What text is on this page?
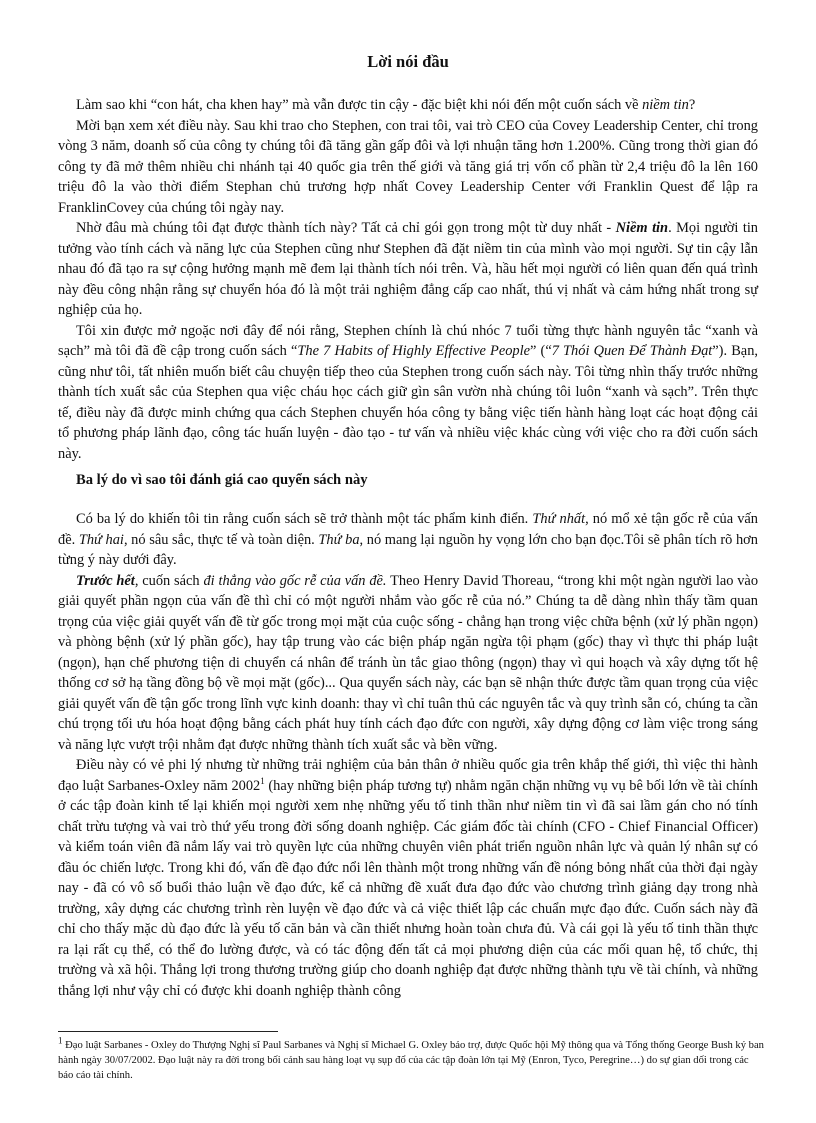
Lời nói đầu

Làm sao khi “con hát, cha khen hay” mà vẫn được tin cậy - đặc biệt khi nói đến một cuốn sách về niềm tin?

Mời bạn xem xét điều này. Sau khi trao cho Stephen, con trai tôi, vai trò CEO của Covey Leadership Center, chỉ trong vòng 3 năm, doanh số của công ty chúng tôi đã tăng gần gấp đôi và lợi nhuận tăng hơn 1.200%. Cũng trong thời gian đó công ty đã mở thêm nhiều chi nhánh tại 40 quốc gia trên thế giới và tăng giá trị vốn cổ phần từ 2,4 triệu đô la lên 160 triệu đô la vào thời điểm Stephan chủ trương hợp nhất Covey Leadership Center với Franklin Quest để lập ra FranklinCovey của chúng tôi ngày nay.

Nhờ đâu mà chúng tôi đạt được thành tích này? Tất cả chỉ gói gọn trong một từ duy nhất - Niềm tin. Mọi người tin tưởng vào tính cách và năng lực của Stephen cũng như Stephen đã đặt niềm tin của mình vào mọi người. Sự tin cậy lẫn nhau đó đã tạo ra sự cộng hưởng mạnh mẽ đem lại thành tích nói trên. Và, hầu hết mọi người có liên quan đến quá trình này đều công nhận rằng sự chuyển hóa đó là một trải nghiệm đẳng cấp cao nhất, thú vị nhất và cảm hứng nhất trong sự nghiệp của họ.

Tôi xin được mở ngoặc nơi đây để nói rằng, Stephen chính là chú nhóc 7 tuổi từng thực hành nguyên tắc “xanh và sạch” mà tôi đã đề cập trong cuốn sách “The 7 Habits of Highly Effective People” (“7 Thói Quen Để Thành Đạt”). Bạn, cũng như tôi, tất nhiên muốn biết câu chuyện tiếp theo của Stephen trong cuốn sách này. Tôi từng nhìn thấy trước những thành tích xuất sắc của Stephen qua việc cháu học cách giữ gìn sân vườn nhà chúng tôi luôn “xanh và sạch”. Trên thực tế, điều này đã được minh chứng qua cách Stephen chuyển hóa công ty bằng việc tiến hành hàng loạt các hoạt động cải tổ phương pháp lãnh đạo, công tác huấn luyện - đào tạo - tư vấn và nhiều việc khác cùng với việc cho ra đời cuốn sách này.

Ba lý do vì sao tôi đánh giá cao quyển sách này

Có ba lý do khiến tôi tin rằng cuốn sách sẽ trở thành một tác phẩm kinh điển. Thứ nhất, nó mổ xẻ tận gốc rễ của vấn đề. Thứ hai, nó sâu sắc, thực tế và toàn diện. Thứ ba, nó mang lại nguồn hy vọng lớn cho bạn đọc.Tôi sẽ phân tích rõ hơn từng ý này dưới đây.

Trước hết, cuốn sách đi thẳng vào gốc rễ của vấn đề. Theo Henry David Thoreau, “trong khi một ngàn người lao vào giải quyết phần ngọn của vấn đề thì chỉ có một người nhắm vào gốc rễ của nó.” Chúng ta dễ dàng nhìn thấy tầm quan trọng của việc giải quyết vấn đề từ gốc trong mọi mặt của cuộc sống - chẳng hạn trong việc chữa bệnh (xử lý phần ngọn) và phòng bệnh (xử lý phần gốc), hay tập trung vào các biện pháp ngăn ngừa tội phạm (gốc) thay vì thực thi pháp luật (ngọn), hạn chế phương tiện di chuyển cá nhân để tránh ùn tắc giao thông (ngọn) thay vì qui hoạch và xây dựng tốt hệ thống cơ sở hạ tầng đồng bộ về mọi mặt (gốc)... Qua quyển sách này, các bạn sẽ nhận thức được tầm quan trọng của việc giải quyết vấn đề tận gốc trong lĩnh vực kinh doanh: thay vì chỉ tuân thủ các nguyên tắc và quy trình sẵn có, chúng ta cần chú trọng tối ưu hóa hoạt động bằng cách phát huy tính cách đạo đức con người, xây dựng động cơ làm việc trong sáng và năng lực vượt trội nhằm đạt được những thành tích xuất sắc và bền vững.

Điều này có vẻ phi lý nhưng từ những trải nghiệm của bản thân ở nhiều quốc gia trên khắp thế giới, thì việc thi hành đạo luật Sarbanes-Oxley năm 2002$^1$ (hay những biện pháp tương tự) nhằm ngăn chặn những vụ vụ bê bối lớn về tài chính ở các tập đoàn kinh tế lại khiến mọi người xem nhẹ những yếu tố tinh thần như niềm tin vì đã sai lầm gán cho nó tính chất trừu tượng và vai trò thứ yếu trong đời sống doanh nghiệp. Các giám đốc tài chính (CFO - Chief Financial Officer) và kiểm toán viên đã nắm lấy vai trò quyền lực của những chuyên viên phát triển nguồn nhân lực và quản lý nhân sự có đầu óc chiến lược. Trong khi đó, vấn đề đạo đức nổi lên thành một trong những vấn đề nóng bỏng nhất của thời đại ngày nay - đã có vô số buổi thảo luận về đạo đức, kể cả những đề xuất đưa đạo đức vào chương trình giảng dạy trong nhà trường, xây dựng các chương trình rèn luyện về đạo đức và cả việc thiết lập các chuẩn mực đạo đức. Cuốn sách này đã chỉ cho thấy mặc dù đạo đức là yếu tố căn bản và cần thiết nhưng hoàn toàn chưa đủ. Và cái gọi là yếu tố tinh thần thực ra lại rất cụ thể, có thể đo lường được, và có tác động đến tất cả mọi phương diện của các mối quan hệ, tổ chức, thị trường và xã hội. Thắng lợi trong thương trường giúp cho doanh nghiệp đạt được những thành tựu về tài chính, và những thắng lợi như vậy chỉ có được khi doanh nghiệp thành công

$^1$ Đạo luật Sarbanes - Oxley do Thượng Nghị sĩ Paul Sarbanes và Nghị sĩ Michael G. Oxley bảo trợ, được Quốc hội Mỹ thông qua và Tổng thống George Bush ký ban hành ngày 30/07/2002. Đạo luật này ra đời trong bối cảnh sau hàng loạt vụ sụp đổ của các tập đoàn lớn tại Mỹ (Enron, Tyco, Peregrine…) do sự gian dối trong các báo cáo tài chính.
